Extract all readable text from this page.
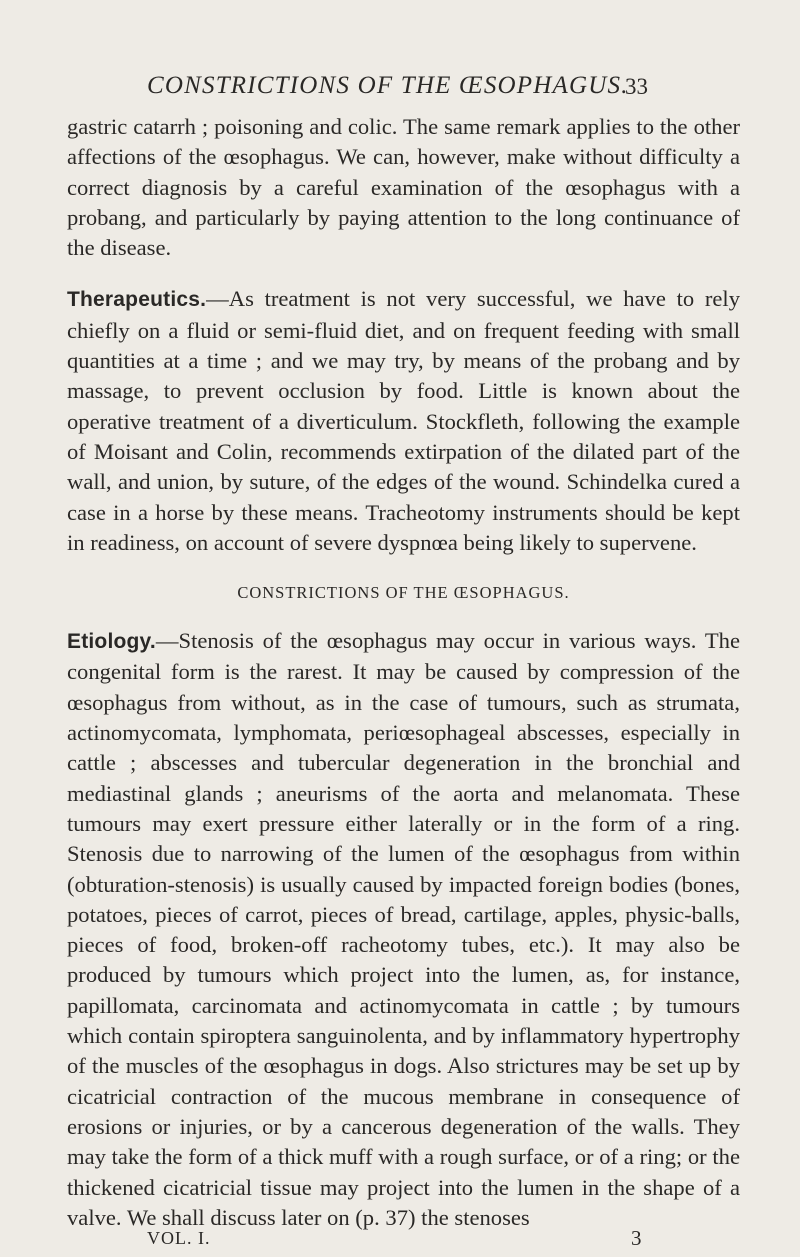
CONSTRICTIONS OF THE ŒSOPHAGUS.
33

gastric catarrh ; poisoning and colic. The same remark applies to the other affections of the œsophagus. We can, however, make without difficulty a correct diagnosis by a careful examination of the œsophagus with a probang, and particularly by paying attention to the long continuance of the disease.

Therapeutics.—As treatment is not very successful, we have to rely chiefly on a fluid or semi-fluid diet, and on frequent feeding with small quantities at a time ; and we may try, by means of the probang and by massage, to prevent occlusion by food. Little is known about the operative treatment of a diverticulum. Stockfleth, following the example of Moisant and Colin, recommends extirpation of the dilated part of the wall, and union, by suture, of the edges of the wound. Schindelka cured a case in a horse by these means. Tracheotomy instruments should be kept in readiness, on account of severe dyspnœa being likely to supervene.

CONSTRICTIONS OF THE ŒSOPHAGUS.

Etiology.—Stenosis of the œsophagus may occur in various ways. The congenital form is the rarest. It may be caused by compression of the œsophagus from without, as in the case of tumours, such as strumata, actinomycomata, lymphomata, periœsophageal abscesses, especially in cattle ; abscesses and tubercular degeneration in the bronchial and mediastinal glands ; aneurisms of the aorta and melanomata. These tumours may exert pressure either laterally or in the form of a ring. Stenosis due to narrowing of the lumen of the œsophagus from within (obturation-stenosis) is usually caused by impacted foreign bodies (bones, potatoes, pieces of carrot, pieces of bread, cartilage, apples, physic-balls, pieces of food, broken-off racheotomy tubes, etc.). It may also be produced by tumours which project into the lumen, as, for instance, papillomata, carcinomata and actinomycomata in cattle ; by tumours which contain spiroptera sanguinolenta, and by inflammatory hypertrophy of the muscles of the œsophagus in dogs. Also strictures may be set up by cicatricial contraction of the mucous membrane in consequence of erosions or injuries, or by a cancerous degeneration of the walls. They may take the form of a thick muff with a rough surface, or of a ring; or the thickened cicatricial tissue may project into the lumen in the shape of a valve. We shall discuss later on (p. 37) the stenoses

VOL. I.	3
